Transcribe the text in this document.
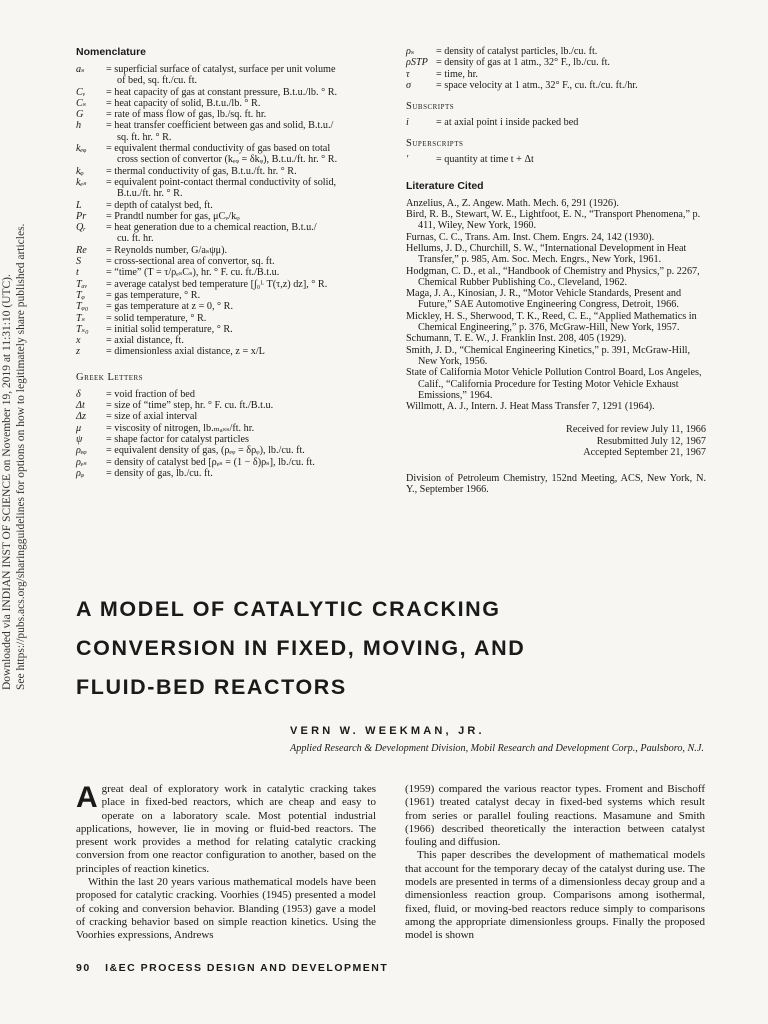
Downloaded via INDIAN INST OF SCIENCE on November 19, 2019 at 11:31:10 (UTC). See https://pubs.acs.org/sharingguidelines for options on how to legitimately share published articles.
Nomenclature
aₛ	= superficial surface of catalyst, surface per unit volume
of bed, sq. ft./cu. ft.
Cᵥ	= heat capacity of gas at constant pressure, B.t.u./lb. ° R.
Cₛ	= heat capacity of solid, B.t.u./lb. ° R.
G	= rate of mass flow of gas, lb./sq. ft. hr.
h	= heat transfer coefficient between gas and solid, B.t.u./
sq. ft. hr. ° R.
kₑᵩ	= equivalent thermal conductivity of gas based on total
cross section of convertor (kₑᵩ = δkᵩ), B.t.u./ft. hr. ° R.
kᵩ	= thermal conductivity of gas, B.t.u./ft. hr. ° R.
kₑₛ	= equivalent point-contact thermal conductivity of solid,
B.t.u./ft. hr. ° R.
L	= depth of catalyst bed, ft.
Pr	= Prandtl number for gas, μCᵥ/kᵩ
Qᵣ	= heat generation due to a chemical reaction, B.t.u./
cu. ft. hr.
Re	= Reynolds number, G/aₛψμ).
S	= cross-sectional area of convertor, sq. ft.
t	= “time” (T = τ/ρₑₛCₛ), hr. ° F. cu. ft./B.t.u.
Tₐᵥ	= average catalyst bed temperature [∫₀ᴸ T(τ,z) dz], ° R.
Tᵩ	= gas temperature, ° R.
Tᵩ₀	= gas temperature at z = 0, ° R.
Tₛ	= solid temperature, ° R.
Tₛ₀	= initial solid temperature, ° R.
x	= axial distance, ft.
z	= dimensionless axial distance, z = x/L
Greek Letters
δ	= void fraction of bed
Δt	= size of “time” step, hr. ° F. cu. ft./B.t.u.
Δz	= size of axial interval
μ	= viscosity of nitrogen, lb.ₘₐₛₛ/ft. hr.
ψ	= shape factor for catalyst particles
ρₑᵩ	= equivalent density of gas, (ρₑᵩ = δρᵩ), lb./cu. ft.
ρₑₛ	= density of catalyst bed [ρₑₛ = (1 − δ)ρₛ], lb./cu. ft.
ρᵩ	= density of gas, lb./cu. ft.
ρₛ	= density of catalyst particles, lb./cu. ft.
ρSTP = density of gas at 1 atm., 32° F., lb./cu. ft.
τ	= time, hr.
σ	= space velocity at 1 atm., 32° F., cu. ft./cu. ft./hr.
Subscripts
i	= at axial point i inside packed bed
Superscripts
′	= quantity at time t + Δt
Literature Cited
Anzelius, A., Z. Angew. Math. Mech. 6, 291 (1926).
Bird, R. B., Stewart, W. E., Lightfoot, E. N., “Transport Phenomena,” p. 411, Wiley, New York, 1960.
Furnas, C. C., Trans. Am. Inst. Chem. Engrs. 24, 142 (1930).
Hellums, J. D., Churchill, S. W., “International Development in Heat Transfer,” p. 985, Am. Soc. Mech. Engrs., New York, 1961.
Hodgman, C. D., et al., “Handbook of Chemistry and Physics,” p. 2267, Chemical Rubber Publishing Co., Cleveland, 1962.
Maga, J. A., Kinosian, J. R., “Motor Vehicle Standards, Present and Future,” SAE Automotive Engineering Congress, Detroit, 1966.
Mickley, H. S., Sherwood, T. K., Reed, C. E., “Applied Mathematics in Chemical Engineering,” p. 376, McGraw-Hill, New York, 1957.
Schumann, T. E. W., J. Franklin Inst. 208, 405 (1929).
Smith, J. D., “Chemical Engineering Kinetics,” p. 391, McGraw-Hill, New York, 1956.
State of California Motor Vehicle Pollution Control Board, Los Angeles, Calif., “California Procedure for Testing Motor Vehicle Exhaust Emissions,” 1964.
Willmott, A. J., Intern. J. Heat Mass Transfer 7, 1291 (1964).
Received for review July 11, 1966
Resubmitted July 12, 1967
Accepted September 21, 1967
Division of Petroleum Chemistry, 152nd Meeting, ACS, New York, N. Y., September 1966.
A MODEL OF CATALYTIC CRACKING
CONVERSION IN FIXED, MOVING, AND
FLUID-BED REACTORS
VERN W. WEEKMAN, JR.
Applied Research & Development Division, Mobil Research and Development Corp., Paulsboro, N.J.
A great deal of exploratory work in catalytic cracking takes place in fixed-bed reactors, which are cheap and easy to operate on a laboratory scale. Most potential industrial applications, however, lie in moving or fluid-bed reactors. The present work provides a method for relating catalytic cracking conversion from one reactor configuration to another, based on the principles of reaction kinetics.

Within the last 20 years various mathematical models have been proposed for catalytic cracking. Voorhies (1945) presented a model of coking and conversion behavior. Blanding (1953) gave a model of cracking behavior based on simple reaction kinetics. Using the Voorhies expressions, Andrews

(1959) compared the various reactor types. Froment and Bischoff (1961) treated catalyst decay in fixed-bed systems which result from series or parallel fouling reactions. Masamune and Smith (1966) described theoretically the interaction between catalyst fouling and diffusion.

This paper describes the development of mathematical models that account for the temporary decay of the catalyst during use. The models are presented in terms of a dimensionless decay group and a dimensionless reaction group. Comparisons among isothermal, fixed, fluid, or moving-bed reactors reduce simply to comparisons among the appropriate dimensionless groups. Finally the proposed model is shown

90 I&EC PROCESS DESIGN AND DEVELOPMENT
